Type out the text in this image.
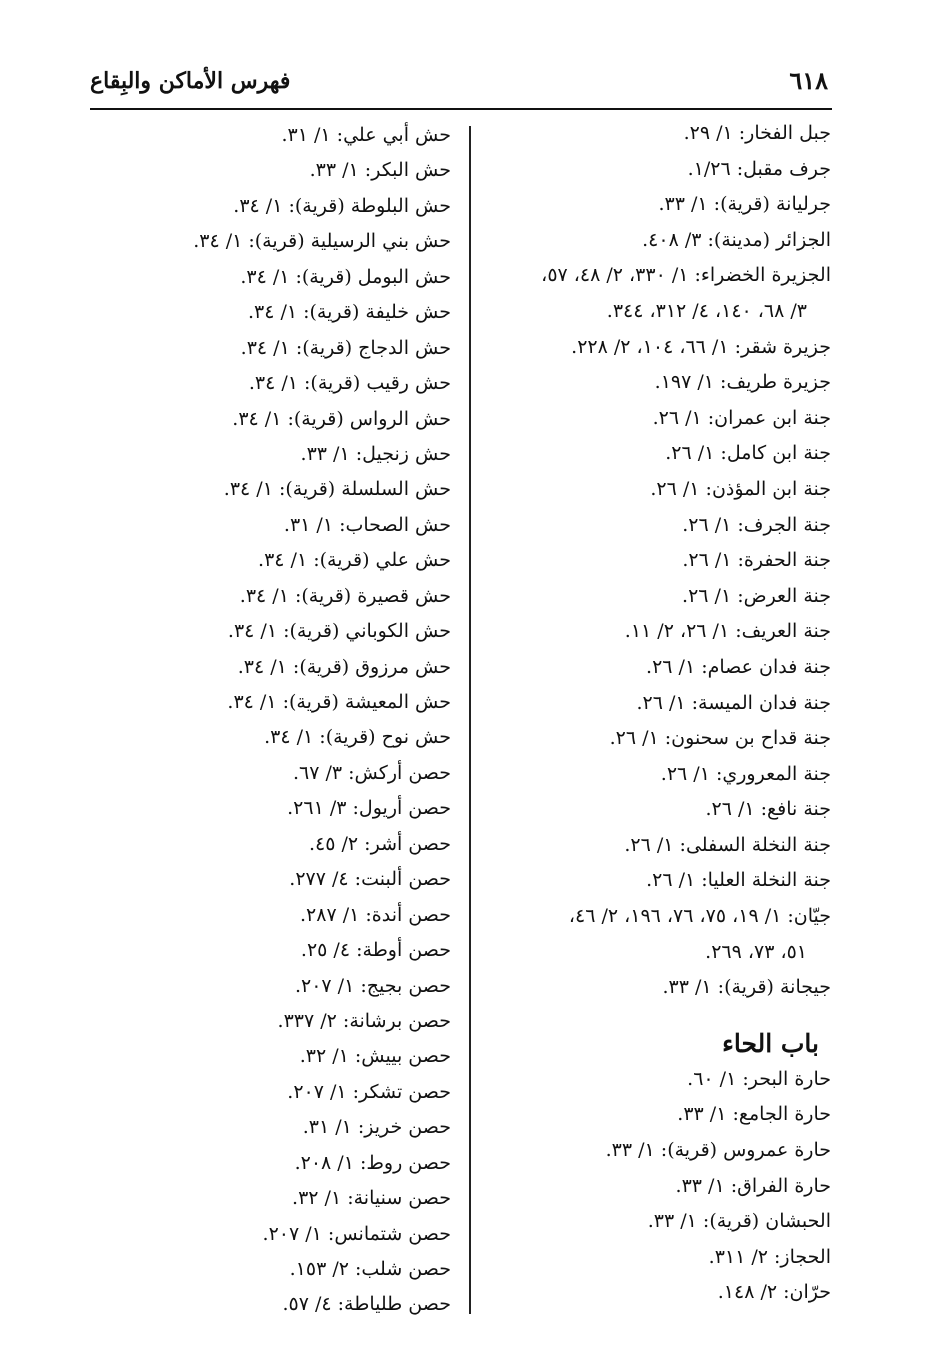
٦١٨
فهرس الأماكن والبِقاع
جبل الفخار: ١/ ٢٩.
جرف مقبل: ١/٢٦.
جرليانة (قرية): ١/ ٣٣.
الجزائر (مدينة): ٣/ ٤٠٨.
الجزيرة الخضراء: ١/ ٣٣٠، ٢/ ٤٨، ٥٧،
٣/ ٦٨، ١٤٠، ٤/ ٣١٢، ٣٤٤.
جزيرة شقر: ١/ ٦٦، ١٠٤، ٢/ ٢٢٨.
جزيرة طريف: ١/ ١٩٧.
جنة ابن عمران: ١/ ٢٦.
جنة ابن كامل: ١/ ٢٦.
جنة ابن المؤذن: ١/ ٢٦.
جنة الجرف: ١/ ٢٦.
جنة الحفرة: ١/ ٢٦.
جنة العرض: ١/ ٢٦.
جنة العريف: ١/ ٢٦، ٢/ ١١.
جنة فدان عصام: ١/ ٢٦.
جنة فدان الميسة: ١/ ٢٦.
جنة قداح بن سحنون: ١/ ٢٦.
جنة المعروري: ١/ ٢٦.
جنة نافع: ١/ ٢٦.
جنة النخلة السفلى: ١/ ٢٦.
جنة النخلة العليا: ١/ ٢٦.
جيّان: ١/ ١٩، ٧٥، ٧٦، ١٩٦، ٢/ ٤٦،
٥١، ٧٣، ٢٦٩.
جيجانة (قرية): ١/ ٣٣.
باب الحاء
حارة البحر: ١/ ٦٠.
حارة الجامع: ١/ ٣٣.
حارة عمروس (قرية): ١/ ٣٣.
حارة الفراق: ١/ ٣٣.
الحبشان (قرية): ١/ ٣٣.
الحجاز: ٢/ ٣١١.
حرّان: ٢/ ١٤٨.
حش أبي علي: ١/ ٣١.
حش البكر: ١/ ٣٣.
حش البلوطة (قرية): ١/ ٣٤.
حش بني الرسيلية (قرية): ١/ ٣٤.
حش البومل (قرية): ١/ ٣٤.
حش خليفة (قرية): ١/ ٣٤.
حش الدجاج (قرية): ١/ ٣٤.
حش رقيب (قرية): ١/ ٣٤.
حش الرواس (قرية): ١/ ٣٤.
حش زنجيل: ١/ ٣٣.
حش السلسلة (قرية): ١/ ٣٤.
حش الصحاب: ١/ ٣١.
حش علي (قرية): ١/ ٣٤.
حش قصيرة (قرية): ١/ ٣٤.
حش الكوباني (قرية): ١/ ٣٤.
حش مرزوق (قرية): ١/ ٣٤.
حش المعيشة (قرية): ١/ ٣٤.
حش نوح (قرية): ١/ ٣٤.
حصن أركش: ٣/ ٦٧.
حصن أريول: ٣/ ٢٦١.
حصن أشر: ٢/ ٤٥.
حصن ألبنت: ٤/ ٢٧٧.
حصن أندة: ١/ ٢٨٧.
حصن أوطة: ٤/ ٢٥.
حصن بجيج: ١/ ٢٠٧.
حصن برشانة: ٢/ ٣٣٧.
حصن بييش: ١/ ٣٢.
حصن تشكر: ١/ ٢٠٧.
حصن خريز: ١/ ٣١.
حصن روط: ١/ ٢٠٨.
حصن سنيانة: ١/ ٣٢.
حصن شتمانس: ١/ ٢٠٧.
حصن شلب: ٢/ ١٥٣.
حصن طلياطة: ٤/ ٥٧.
